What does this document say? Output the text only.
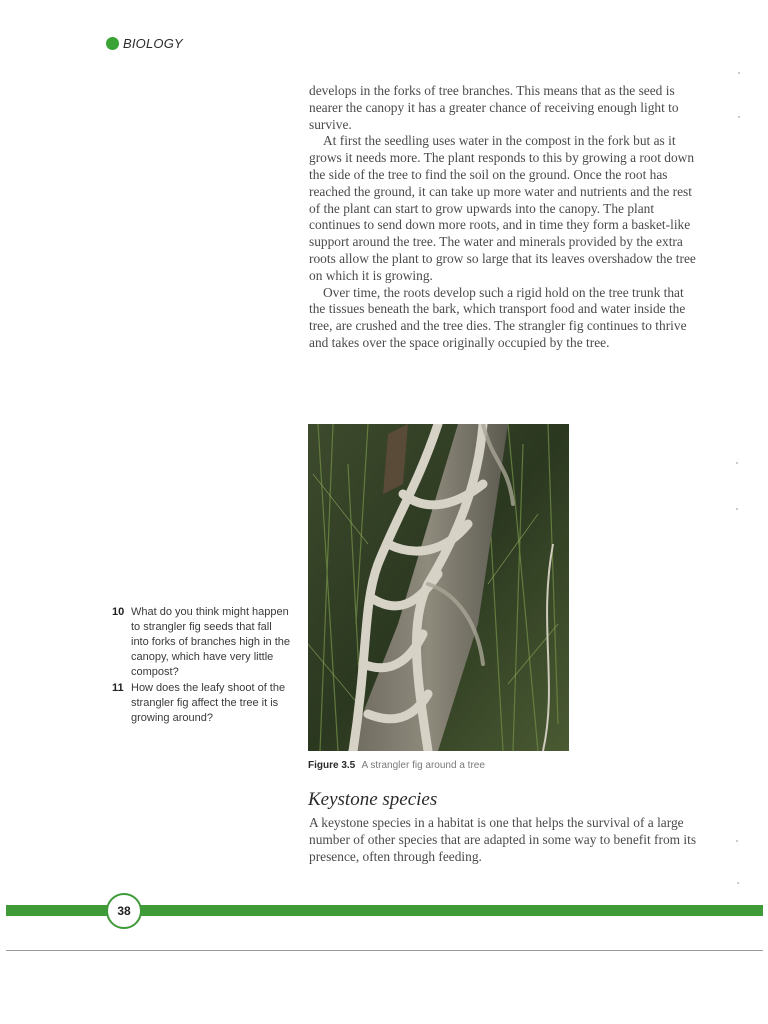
BIOLOGY

develops in the forks of tree branches. This means that as the seed is nearer the canopy it has a greater chance of receiving enough light to survive.

At first the seedling uses water in the compost in the fork but as it grows it needs more. The plant responds to this by growing a root down the side of the tree to find the soil on the ground. Once the root has reached the ground, it can take up more water and nutrients and the rest of the plant can start to grow upwards into the canopy. The plant continues to send down more roots, and in time they form a basket-like support around the tree. The water and minerals provided by the extra roots allow the plant to grow so large that its leaves overshadow the tree on which it is growing.

Over time, the roots develop such a rigid hold on the tree trunk that the tissues beneath the bark, which transport food and water inside the tree, are crushed and the tree dies. The strangler fig continues to thrive and takes over the space originally occupied by the tree.

Figure 3.5 A strangler fig around a tree
10 What do you think might happen to strangler fig seeds that fall into forks of branches high in the canopy, which have very little compost?
11 How does the leafy shoot of the strangler fig affect the tree it is growing around?
Keystone species
A keystone species in a habitat is one that helps the survival of a large number of other species that are adapted in some way to benefit from its presence, often through feeding.
38
